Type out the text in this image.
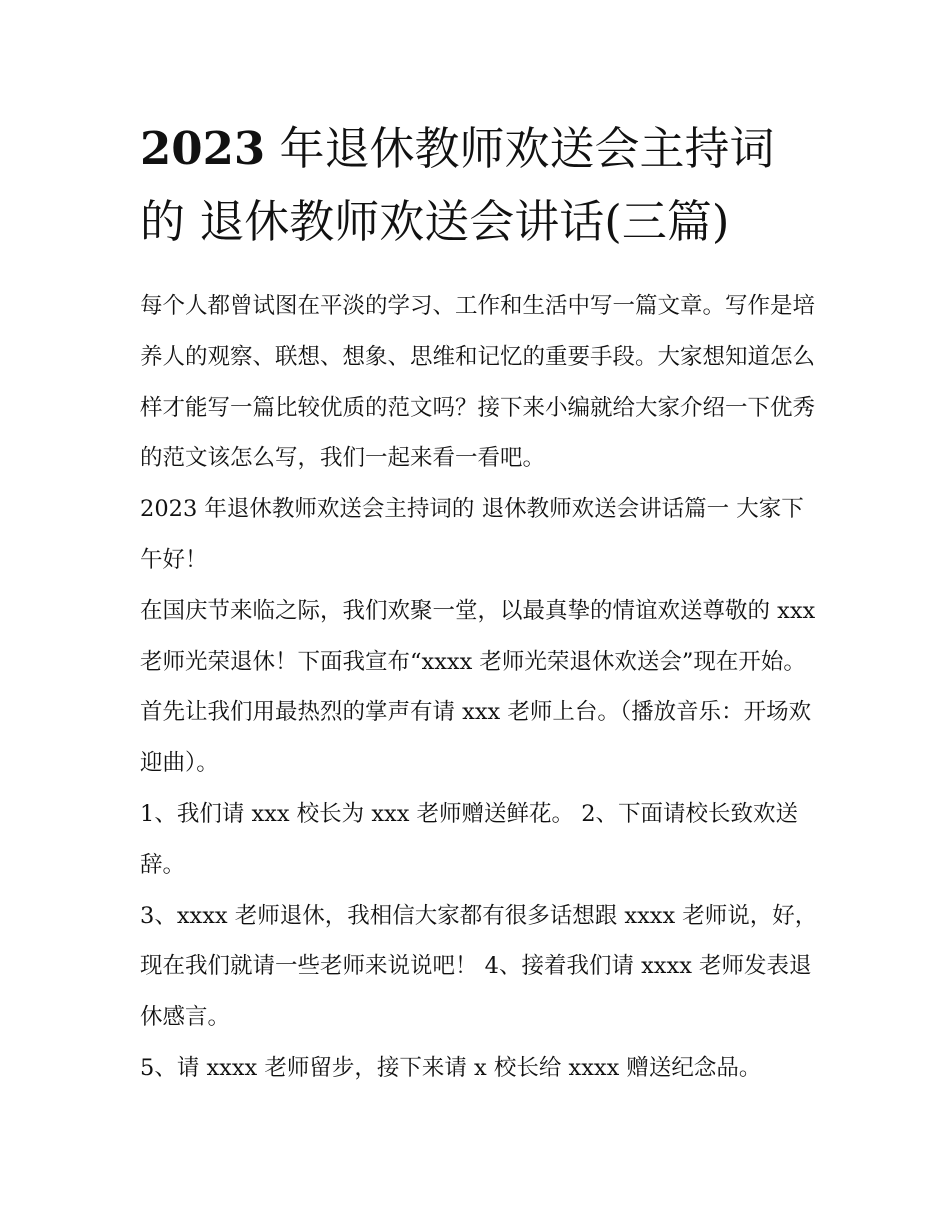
2023 年退休教师欢送会主持词
的 退休教师欢送会讲话(三篇)

每个人都曾试图在平淡的学习、工作和生活中写一篇文章。写作是培养人的观察、联想、想象、思维和记忆的重要手段。大家想知道怎么样才能写一篇比较优质的范文吗？接下来小编就给大家介绍一下优秀的范文该怎么写，我们一起来看一看吧。

2023 年退休教师欢送会主持词的 退休教师欢送会讲话篇一 大家下午好！

在国庆节来临之际，我们欢聚一堂，以最真挚的情谊欢送尊敬的 xxx 老师光荣退休！下面我宣布“xxxx 老师光荣退休欢送会”现在开始。首先让我们用最热烈的掌声有请 xxx 老师上台。（播放音乐：开场欢迎曲）。

1、我们请 xxx 校长为 xxx 老师赠送鲜花。 2、下面请校长致欢送辞。

3、xxxx 老师退休，我相信大家都有很多话想跟 xxxx 老师说，好，现在我们就请一些老师来说说吧！ 4、接着我们请 xxxx 老师发表退休感言。

5、请 xxxx 老师留步，接下来请 x 校长给 xxxx 赠送纪念品。
